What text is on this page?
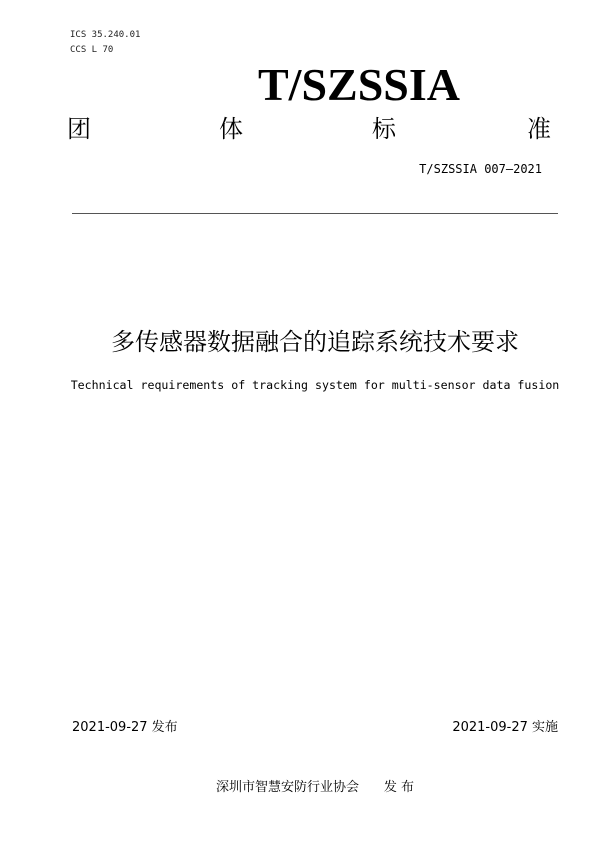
ICS 35.240.01
CCS L 70
T/SZSSIA
团	体	标	准
T/SZSSIA 007—2021
多传感器数据融合的追踪系统技术要求
Technical requirements of tracking system for multi-sensor data fusion
2021-09-27 发布	2021-09-27 实施
深圳市智慧安防行业协会      发 布
